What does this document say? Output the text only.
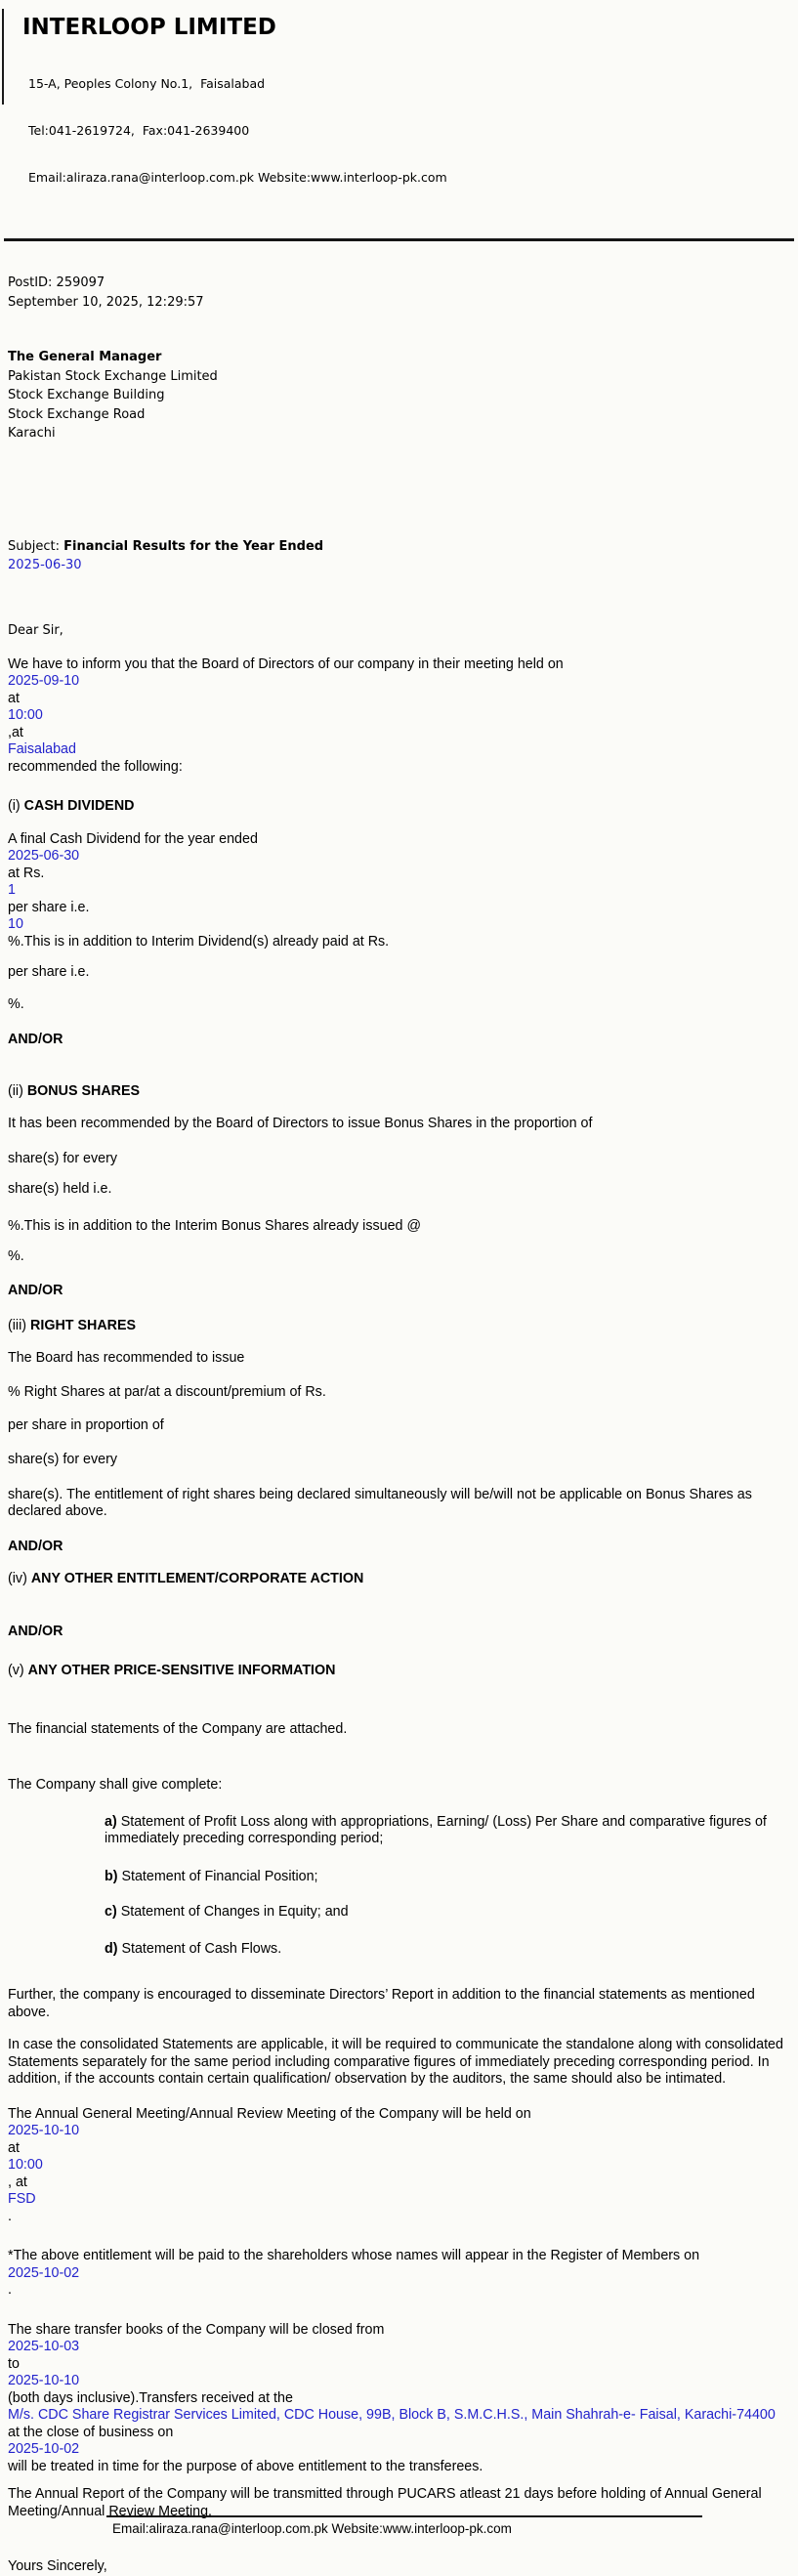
INTERLOOP LIMITED

15-A, Peoples Colony No.1,  Faisalabad

Tel:041-2619724,  Fax:041-2639400

Email:aliraza.rana@interloop.com.pk Website:www.interloop-pk.com

PostID: 259097
September 10, 2025, 12:29:57
The General Manager
Pakistan Stock Exchange Limited
Stock Exchange Building
Stock Exchange Road
Karachi
Subject: Financial Results for the Year Ended
2025-06-30
Dear Sir,

We have to inform you that the Board of Directors of our company in their meeting held on
2025-09-10
at
10:00
,at
Faisalabad
recommended the following:

(i) CASH DIVIDEND

A final Cash Dividend for the year ended
2025-06-30
at Rs.
1
per share i.e.
10
%.This is in addition to Interim Dividend(s) already paid at Rs.

per share i.e.

%.

AND/OR

(ii) BONUS SHARES

It has been recommended by the Board of Directors to issue Bonus Shares in the proportion of

share(s) for every

share(s) held i.e.

%.This is in addition to the Interim Bonus Shares already issued @

%.

AND/OR

(iii) RIGHT SHARES

The Board has recommended to issue

% Right Shares at par/at a discount/premium of Rs.

per share in proportion of

share(s) for every

share(s). The entitlement of right shares being declared simultaneously will be/will not be applicable on Bonus Shares as declared above.

AND/OR

(iv) ANY OTHER ENTITLEMENT/CORPORATE ACTION

AND/OR

(v) ANY OTHER PRICE-SENSITIVE INFORMATION

The financial statements of the Company are attached.

The Company shall give complete:

a) Statement of Profit Loss along with appropriations, Earning/ (Loss) Per Share and comparative figures of immediately preceding corresponding period;

b) Statement of Financial Position;

c) Statement of Changes in Equity; and

d) Statement of Cash Flows.

Further, the company is encouraged to disseminate Directors’ Report in addition to the financial statements as mentioned above.

In case the consolidated Statements are applicable, it will be required to communicate the standalone along with consolidated Statements separately for the same period including comparative figures of immediately preceding corresponding period. In addition, if the accounts contain certain qualification/ observation by the auditors, the same should also be intimated.

The Annual General Meeting/Annual Review Meeting of the Company will be held on
2025-10-10
at
10:00
, at
FSD
.

*The above entitlement will be paid to the shareholders whose names will appear in the Register of Members on
2025-10-02
.

The share transfer books of the Company will be closed from
2025-10-03
to
2025-10-10
(both days inclusive).Transfers received at the
M/s. CDC Share Registrar Services Limited, CDC House, 99B, Block B, S.M.C.H.S., Main Shahrah-e- Faisal, Karachi-74400
at the close of business on
2025-10-02
will be treated in time for the purpose of above entitlement to the transferees.

The Annual Report of the Company will be transmitted through PUCARS atleast 21 days before holding of Annual General Meeting/Annual Review Meeting.

Yours Sincerely,

Email:aliraza.rana@interloop.com.pk Website:www.interloop-pk.com
